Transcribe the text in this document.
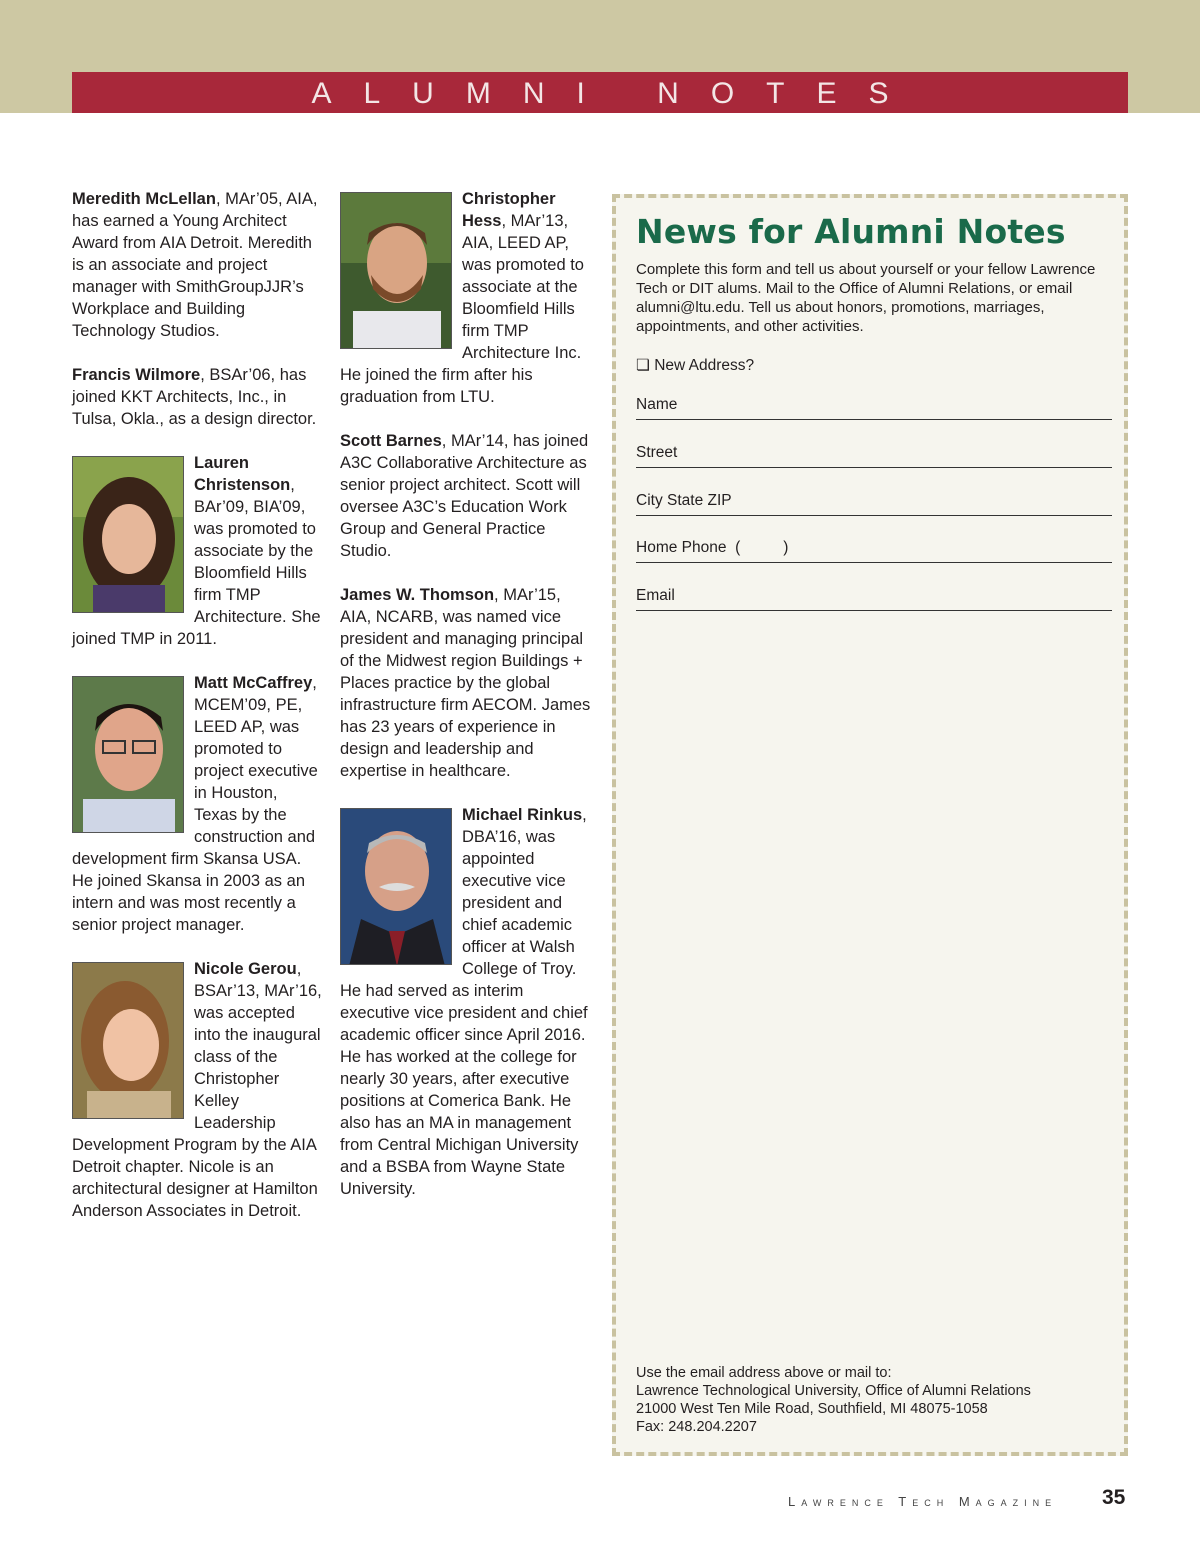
ALUMNI NOTES

Meredith McLellan, MAr’05, AIA, has earned a Young Architect Award from AIA Detroit. Meredith is an associate and project manager with SmithGroupJJR’s Workplace and Building Technology Studios.

Francis Wilmore, BSAr’06, has joined KKT Architects, Inc., in Tulsa, Okla., as a design director.

Lauren Christenson, BAr’09, BIA’09, was promoted to associate by the Bloomfield Hills firm TMP Architecture. She joined TMP in 2011.
Matt McCaffrey, MCEM’09, PE, LEED AP, was promoted to project executive in Houston, Texas by the construction and development firm Skansa USA. He joined Skansa in 2003 as an intern and was most recently a senior project manager.
Nicole Gerou, BSAr’13, MAr’16, was accepted into the inaugural class of the Christopher Kelley Leadership Development Program by the AIA Detroit chapter. Nicole is an architectural designer at Hamilton Anderson Associates in Detroit.
Christopher Hess, MAr’13, AIA, LEED AP, was promoted to associate at the Bloomfield Hills firm TMP Architecture Inc. He joined the firm after his graduation from LTU.

Scott Barnes, MAr’14, has joined A3C Collaborative Architecture as senior project architect. Scott will oversee A3C’s Education Work Group and General Practice Studio.

James W. Thomson, MAr’15, AIA, NCARB, was named vice president and managing principal of the Midwest region Buildings + Places practice by the global infrastructure firm AECOM. James has 23 years of experience in design and leadership and expertise in healthcare.

Michael Rinkus, DBA’16, was appointed executive vice president and chief academic officer at Walsh College of Troy. He had served as interim executive vice president and chief academic officer since April 2016. He has worked at the college for nearly 30 years, after executive positions at Comerica Bank. He also has an MA in management from Central Michigan University and a BSBA from Wayne State University.
News for Alumni Notes
Complete this form and tell us about yourself or your fellow Lawrence Tech or DIT alums. Mail to the Office of Alumni Relations, or email alumni@ltu.edu. Tell us about honors, promotions, marriages, appointments, and other activities.
❏ New Address?
Name
Street
City State ZIP
Home Phone  (          )
Email
Use the email address above or mail to:
Lawrence Technological University, Office of Alumni Relations
21000 West Ten Mile Road, Southfield, MI 48075-1058
Fax: 248.204.2207
Lawrence Tech Magazine 35
